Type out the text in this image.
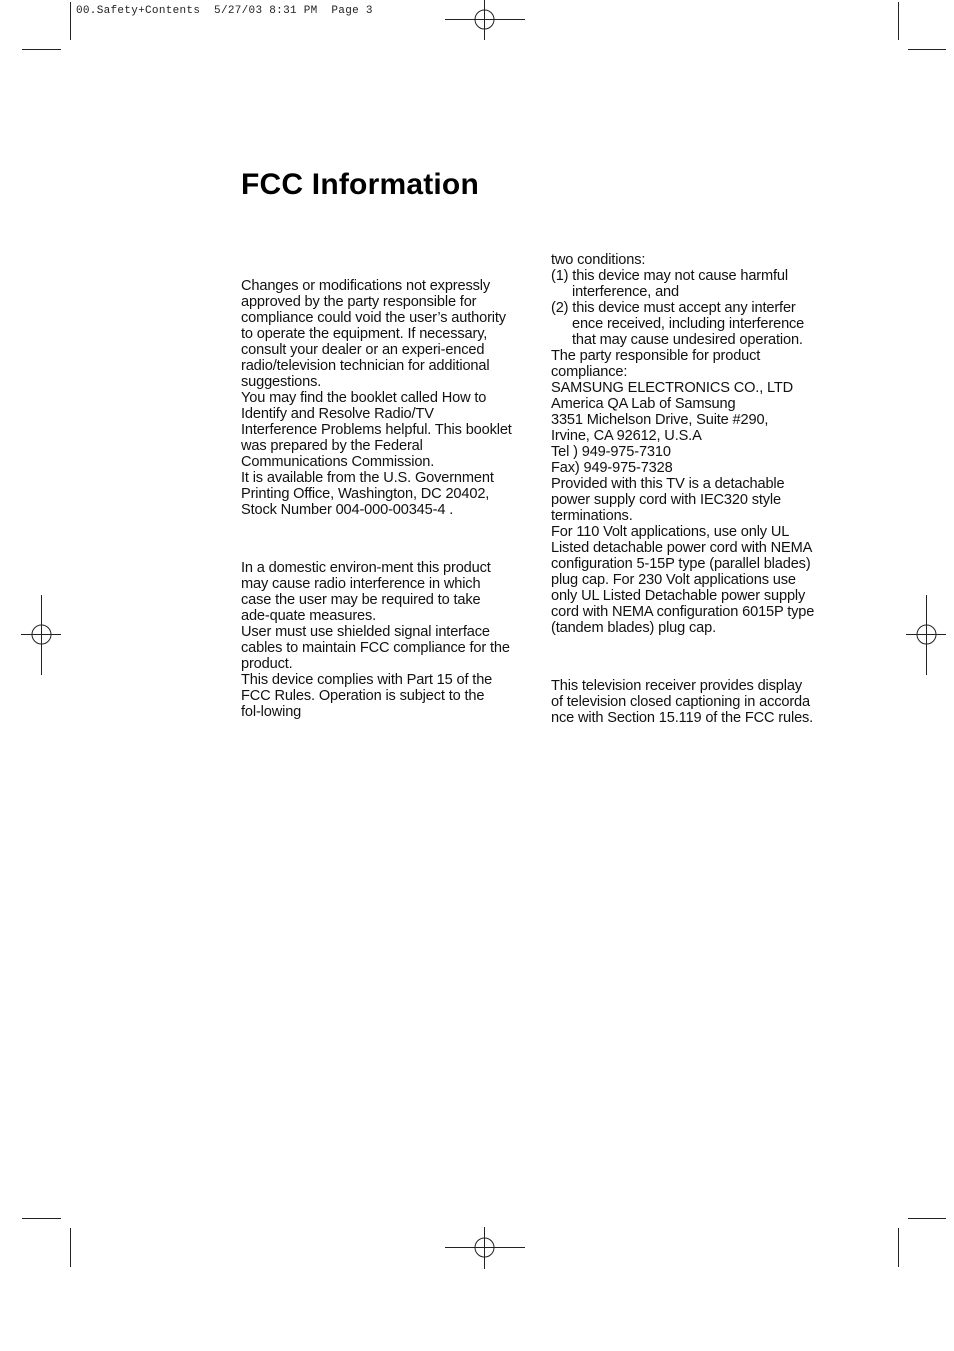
00.Safety+Contents 5/27/03 8:31 PM Page 3
FCC Information

Changes or modifications not expressly

approved by the party responsible for

compliance could void the user’s authority

to operate the equipment. If necessary,

consult your dealer or an experi-enced

radio/television technician for additional

suggestions.

You may find the booklet called How to

Identify and Resolve Radio/TV

Interference Problems helpful. This booklet

was prepared by the Federal

Communications Commission.

It is available from the U.S. Government

Printing Office, Washington, DC 20402,

Stock Number 004-000-00345-4 .

In a domestic environ-ment this product

may cause radio interference in which

case the user may be required to take

ade-quate measures.

User must use shielded signal interface

cables to maintain FCC compliance for the

product.

This device complies with Part 15 of the

FCC Rules. Operation is subject to the

fol-lowing

two conditions:

(1) this device may not cause harmful

interference, and

(2) this device must accept any interfer

ence received, including interference

that may cause undesired operation.

The party responsible for product

compliance:

SAMSUNG ELECTRONICS CO., LTD

America QA Lab of Samsung

3351 Michelson Drive, Suite #290,

Irvine, CA 92612, U.S.A

Tel ) 949-975-7310

Fax) 949-975-7328

Provided with this TV is a detachable

power supply cord with IEC320 style

terminations.

For 110 Volt applications, use only UL

Listed detachable power cord with NEMA

configuration 5-15P type (parallel blades)

plug cap. For 230 Volt applications use

only UL Listed Detachable power supply

cord with NEMA configuration 6015P type

(tandem blades) plug cap.

This television receiver provides display

of television closed captioning in accorda

nce with Section 15.119 of the FCC rules.
